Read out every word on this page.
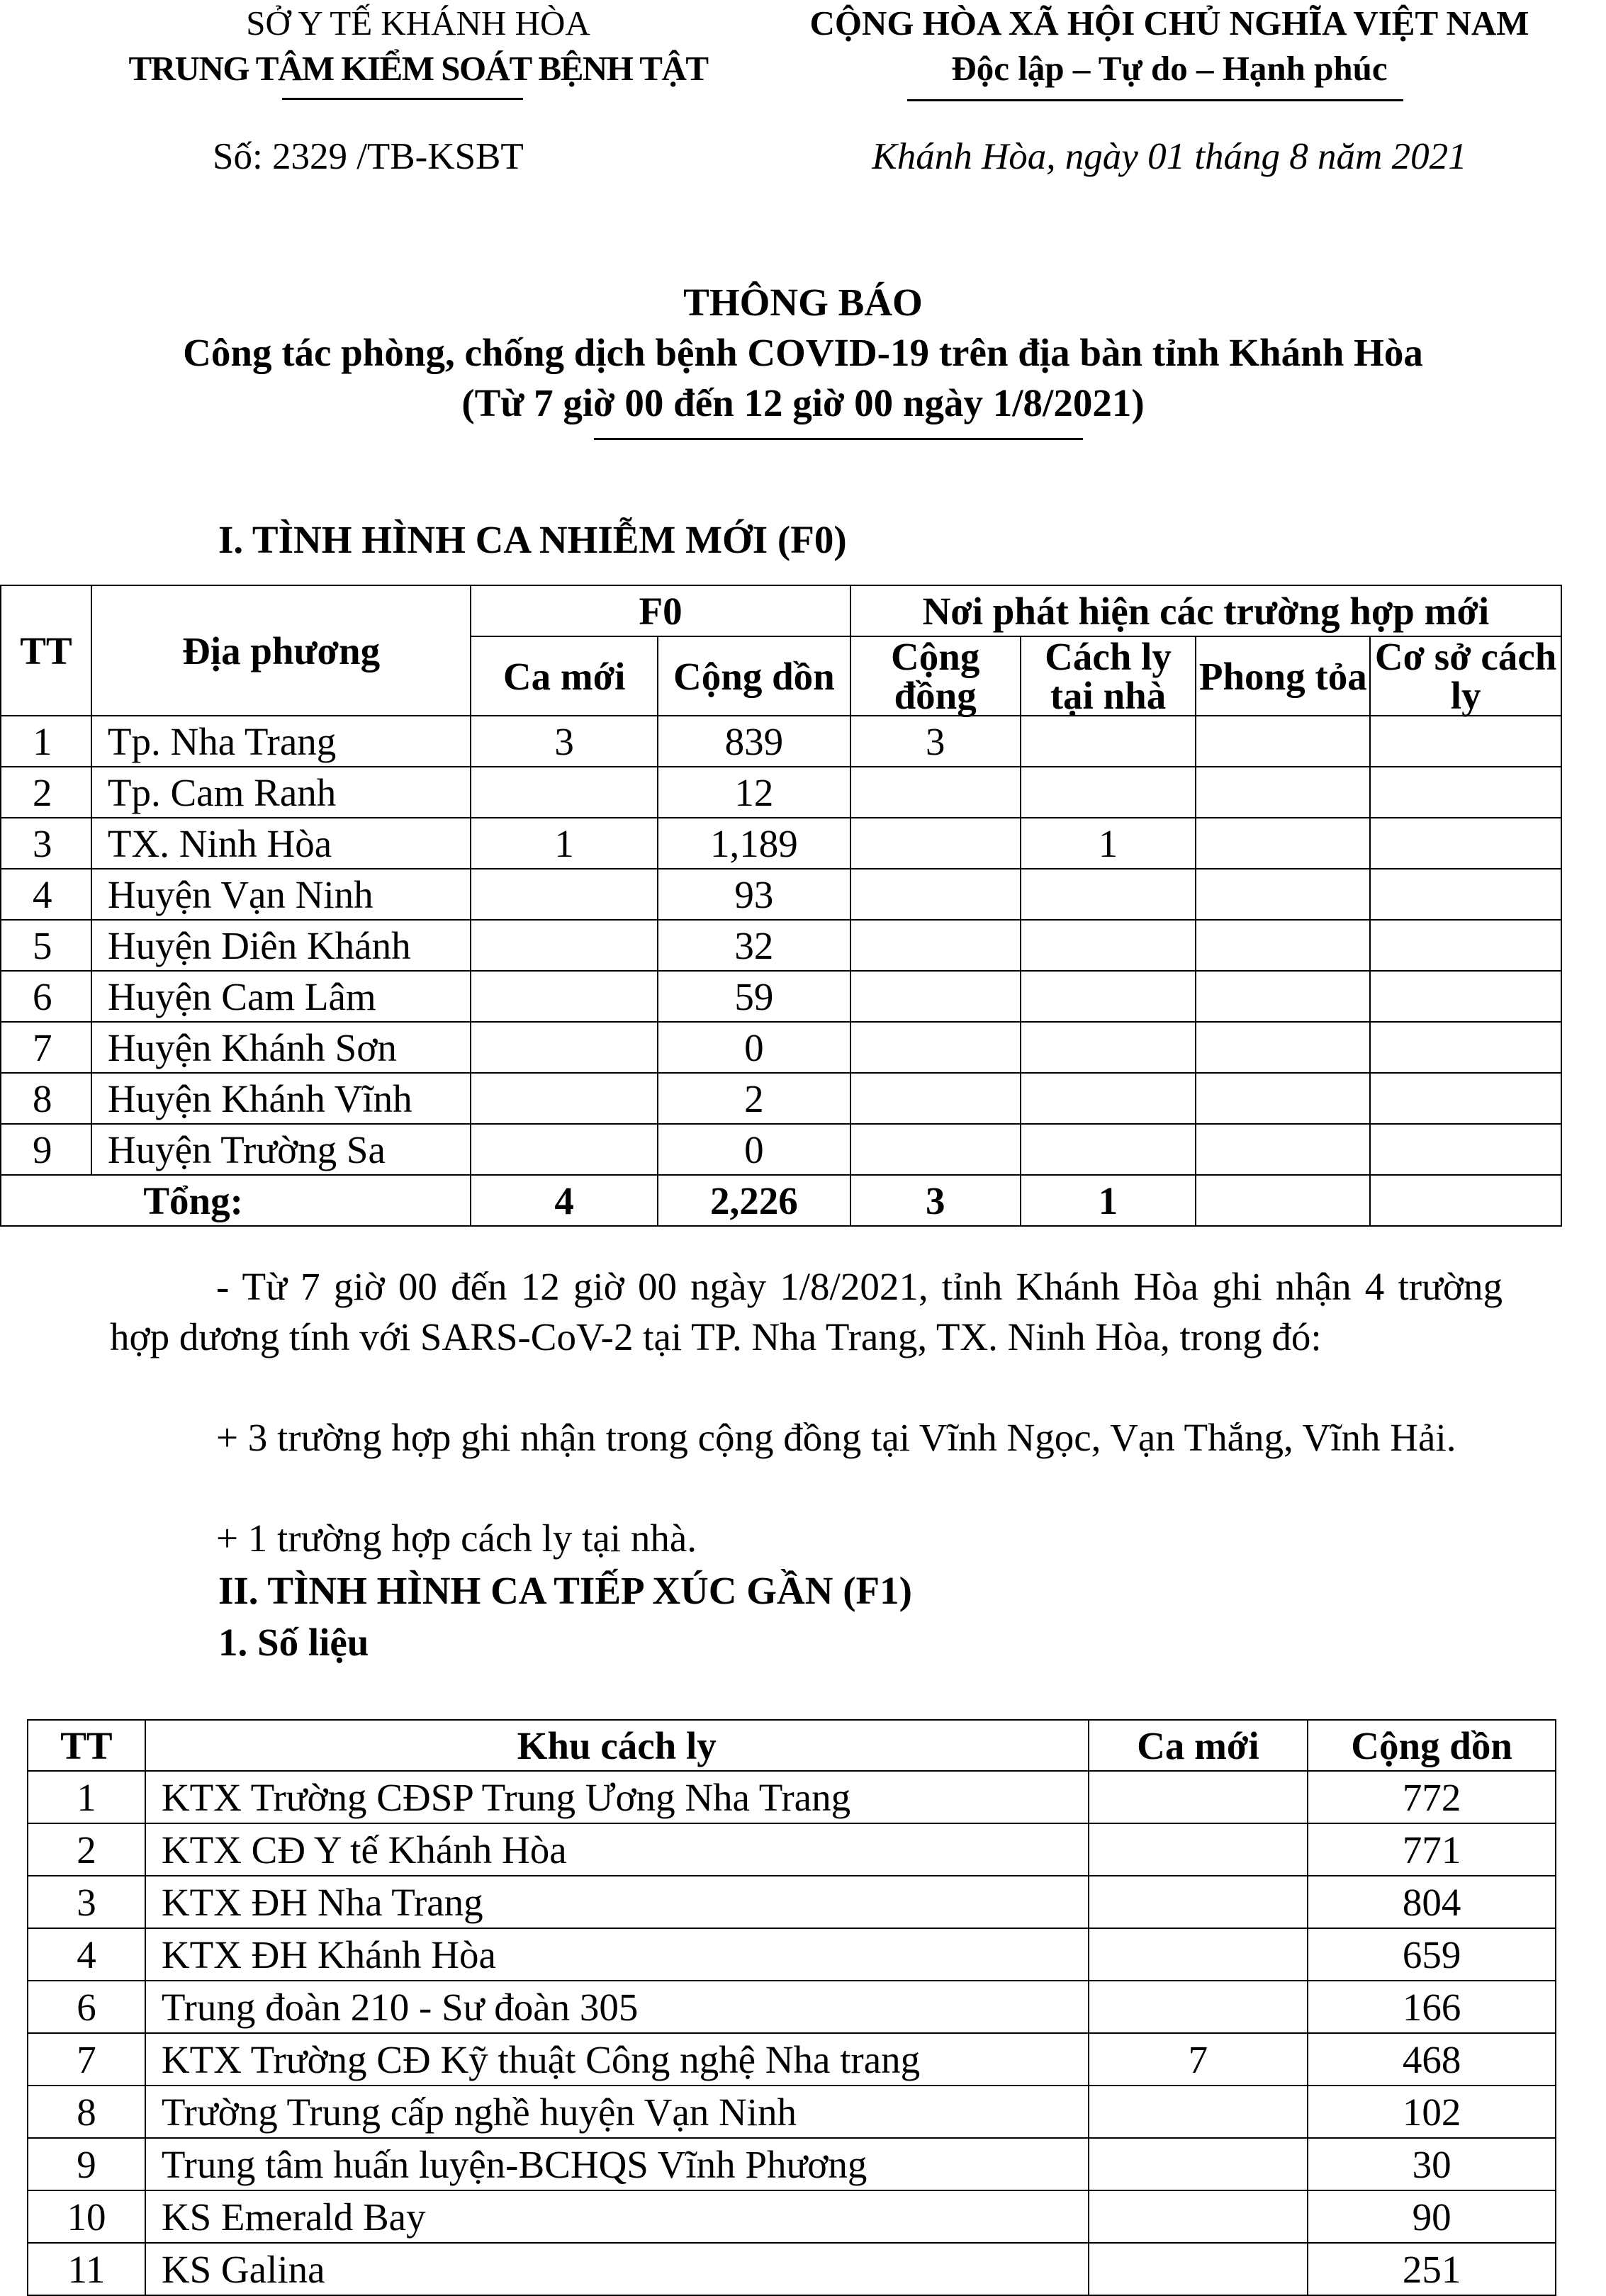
SỞ Y TẾ KHÁNH HÒA
TRUNG TÂM KIỂM SOÁT BỆNH TẬT
CỘNG HÒA XÃ HỘI CHỦ NGHĨA VIỆT NAM
Độc lập – Tự do – Hạnh phúc
Số: 2329 /TB-KSBT	Khánh Hòa, ngày 01 tháng 8 năm 2021
THÔNG BÁO
Công tác phòng, chống dịch bệnh COVID-19 trên địa bàn tỉnh Khánh Hòa
(Từ 7 giờ 00 đến 12 giờ 00 ngày 1/8/2021)
I. TÌNH HÌNH CA NHIỄM MỚI (F0)
TT	Địa phương	F0		Nơi phát hiện các trường hợp mới			
		Ca mới	Cộng dồn	Cộng đồng	Cách ly tại nhà	Phong tỏa	Cơ sở cách ly

1	Tp. Nha Trang	3	839	3			
2	Tp. Cam Ranh		12				
3	TX. Ninh Hòa	1	1,189		1		
4	Huyện Vạn Ninh		93				
5	Huyện Diên Khánh		32				
6	Huyện Cam Lâm		59				
7	Huyện Khánh Sơn		0				
8	Huyện Khánh Vĩnh		2				
9	Huyện Trường Sa		0				
Tổng:		4	2,226	3	1		
- Từ 7 giờ 00 đến 12 giờ 00 ngày 1/8/2021, tỉnh Khánh Hòa ghi nhận 4 trường hợp dương tính với SARS-CoV-2 tại TP. Nha Trang, TX. Ninh Hòa, trong đó:
+ 3 trường hợp ghi nhận trong cộng đồng tại Vĩnh Ngọc, Vạn Thắng, Vĩnh Hải.
+ 1 trường hợp cách ly tại nhà.
II. TÌNH HÌNH CA TIẾP XÚC GẦN (F1)
1. Số liệu
TT	Khu cách ly	Ca mới	Cộng dồn
1	KTX Trường CĐSP Trung Ương Nha Trang		772
2	KTX CĐ Y tế Khánh Hòa		771
3	KTX ĐH Nha Trang		804
4	KTX ĐH Khánh Hòa		659
6	Trung đoàn 210 - Sư đoàn 305		166
7	KTX Trường CĐ Kỹ thuật Công nghệ Nha trang	7	468
8	Trường Trung cấp nghề huyện Vạn Ninh		102
9	Trung tâm huấn luyện-BCHQS Vĩnh Phương		30
10	KS Emerald Bay		90
11	KS Galina		251
